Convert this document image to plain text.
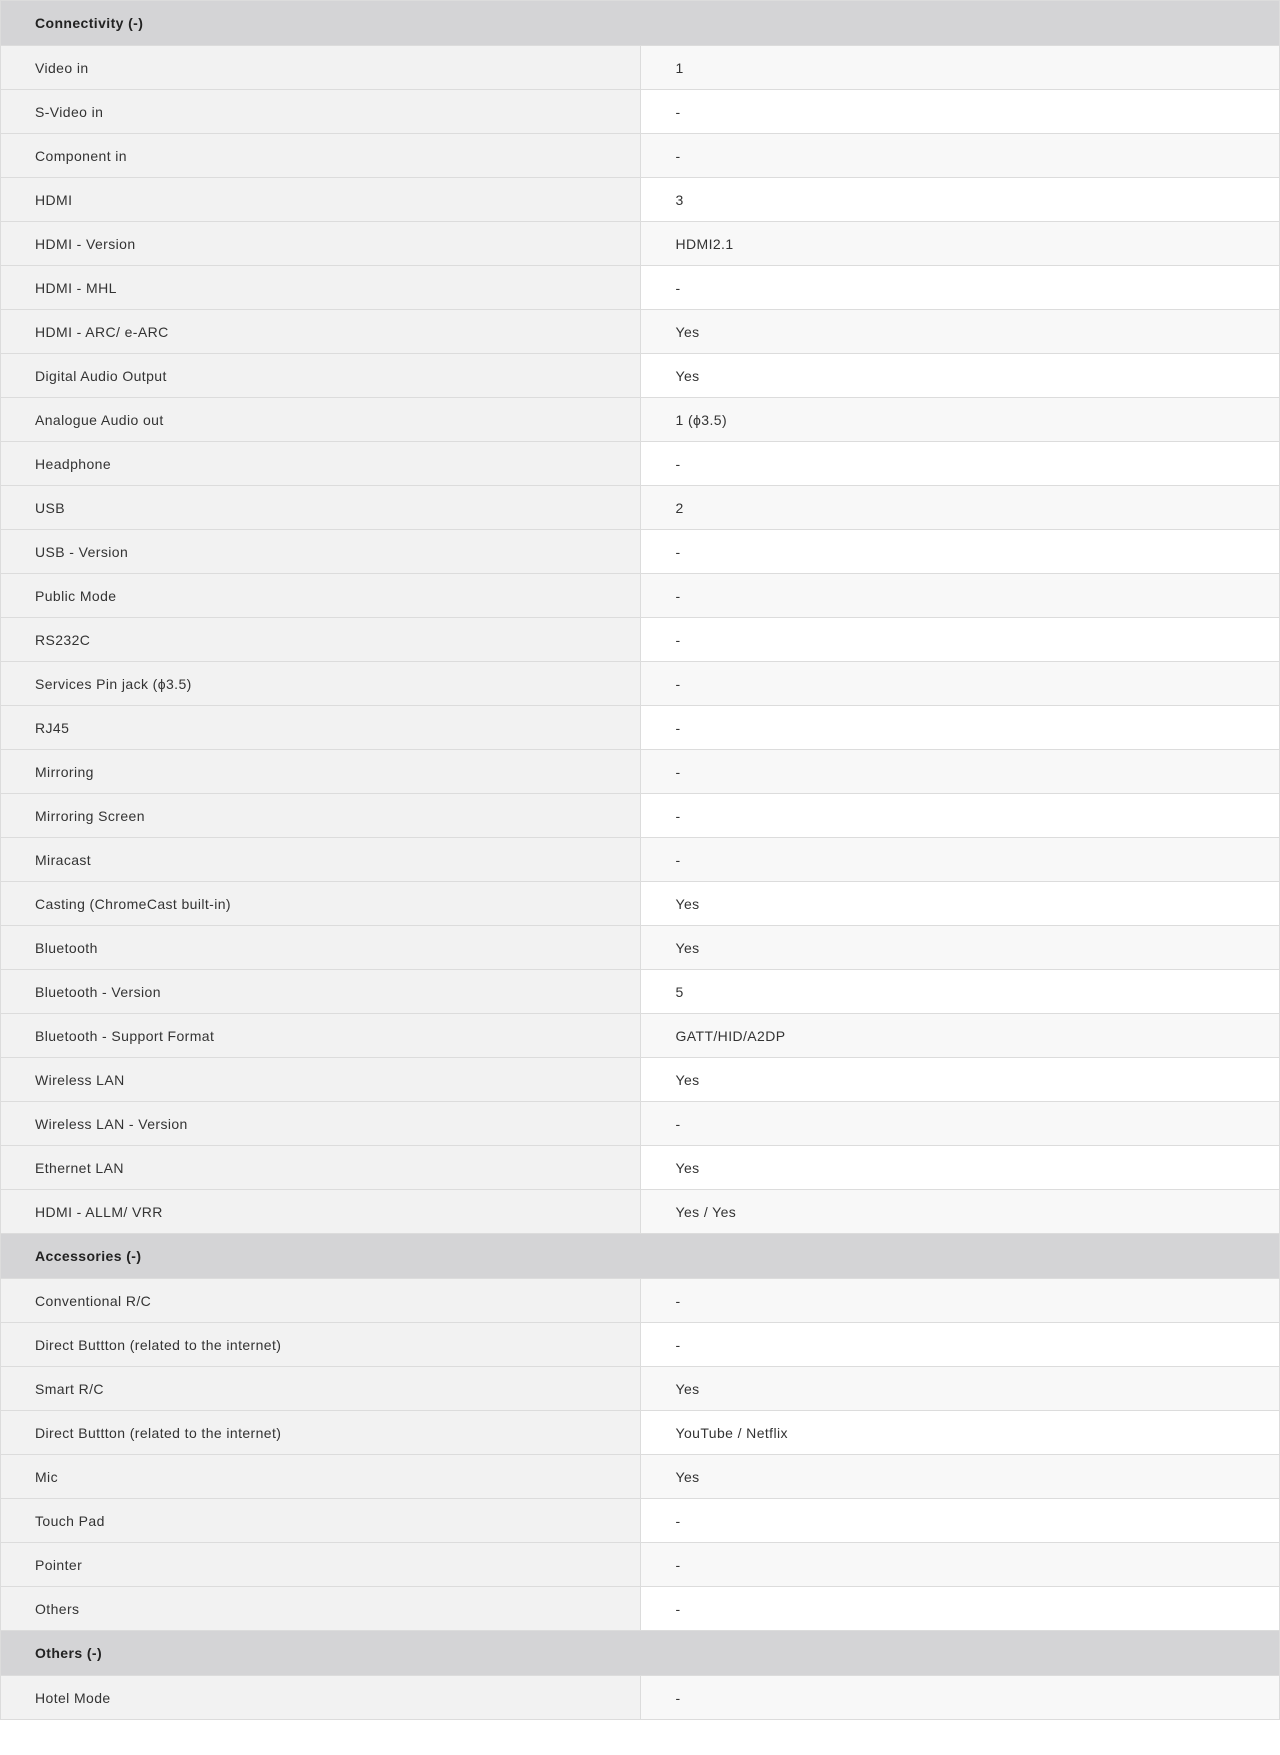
Connectivity (-)	
Video in	1
S-Video in	-
Component in	-
HDMI	3
HDMI - Version	HDMI2.1
HDMI - MHL	-
HDMI - ARC/ e-ARC	Yes
Digital Audio Output	Yes
Analogue Audio out	1 (ϕ3.5)
Headphone	-
USB	2
USB - Version	-
Public Mode	-
RS232C	-
Services Pin jack (ϕ3.5)	-
RJ45	-
Mirroring	-
Mirroring Screen	-
Miracast	-
Casting (ChromeCast built-in)	Yes
Bluetooth	Yes
Bluetooth - Version	5
Bluetooth - Support Format	GATT/HID/A2DP
Wireless LAN	Yes
Wireless LAN - Version	-
Ethernet LAN	Yes
HDMI - ALLM/ VRR	Yes / Yes
Accessories (-)	
Conventional R/C	-
Direct Buttton (related to the internet)	-
Smart R/C	Yes
Direct Buttton (related to the internet)	YouTube / Netflix
Mic	Yes
Touch Pad	-
Pointer	-
Others	-
Others (-)	
Hotel Mode	-
